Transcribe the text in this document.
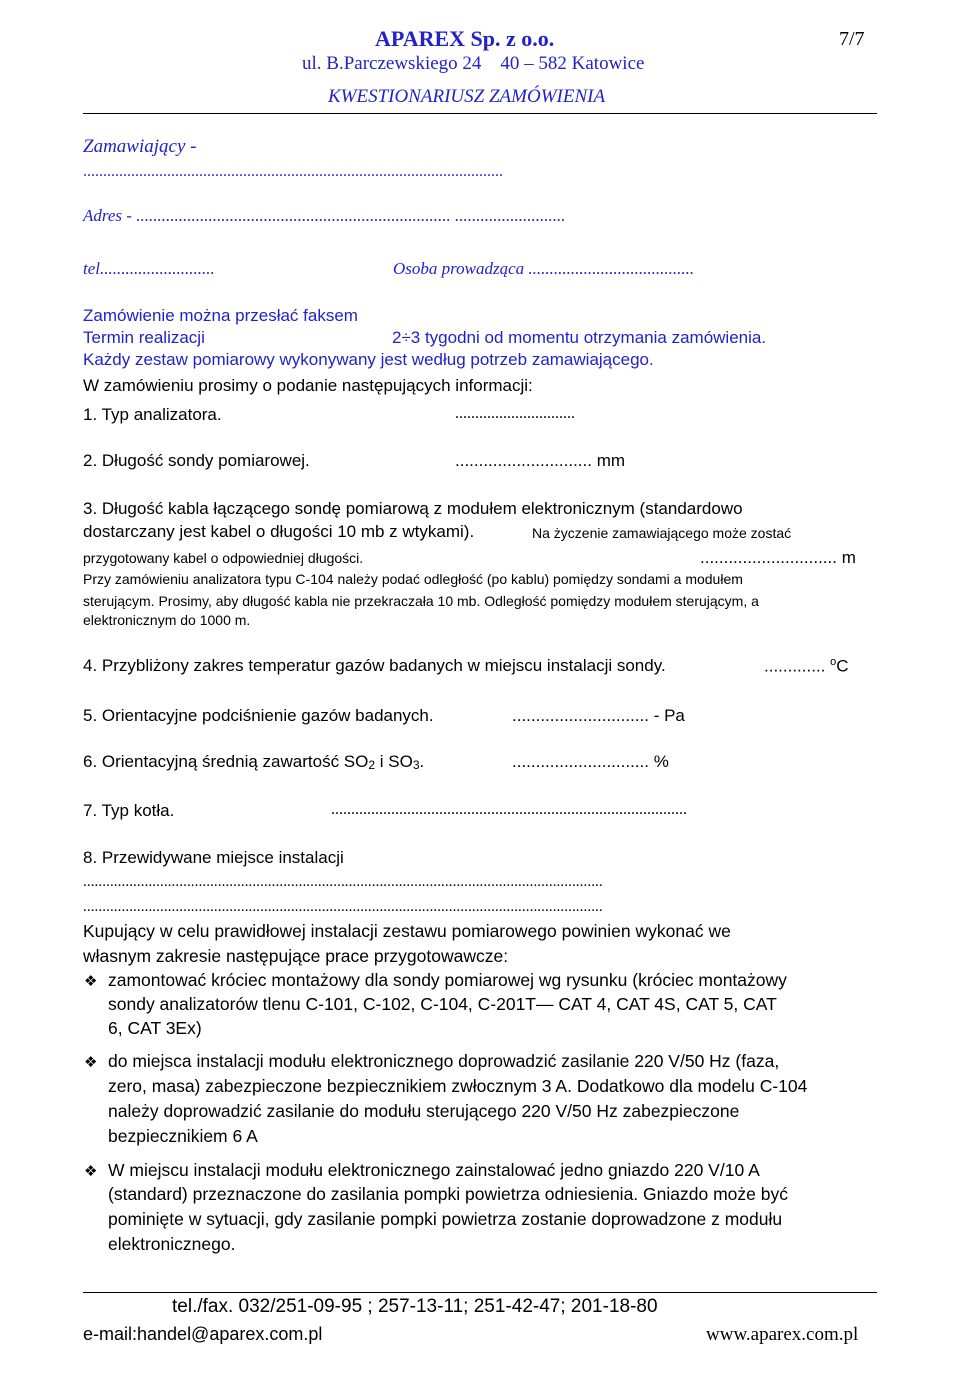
APAREX Sp. z o.o.	7/7
ul. B.Parczewskiego 24    40 – 582 Katowice
KWESTIONARIUSZ ZAMÓWIENIA
Zamawiający -
.........................................................................................................
Adres - .......................................................................... ..........................
tel...........................	Osoba prowadząca .......................................
Zamówienie można przesłać faksem
Termin realizacji	2÷3 tygodni od momentu otrzymania zamówienia.
Każdy zestaw pomiarowy wykonywany jest według potrzeb zamawiającego.
W zamówieniu prosimy o podanie następujących informacji:
1. Typ analizatora.	..............................
2. Długość sondy pomiarowej.	............................. mm
3. Długość kabla łączącego sondę pomiarową z modułem elektronicznym (standardowo
dostarczany jest kabel o długości 10 mb z wtykami).	Na życzenie zamawiającego może zostać
przygotowany kabel o odpowiedniej długości.	............................. m
Przy zamówieniu analizatora typu C-104 należy podać odległość (po kablu) pomiędzy sondami a modułem
sterującym. Prosimy, aby długość kabla nie przekraczała 10 mb. Odległość pomiędzy modułem sterującym, a
elektronicznym do 1000 m.
4. Przybliżony zakres temperatur gazów badanych w miejscu instalacji sondy.	............. $^o$C
5. Orientacyjne podciśnienie gazów badanych.	............................. - Pa
6. Orientacyjną średnią zawartość $SO_2$ i $SO_3$.	............................. %
7. Typ kotła.	.........................................................................................
8. Przewidywane miejsce instalacji
.......................................................................................................................................
.......................................................................................................................................
Kupujący w celu prawidłowej instalacji zestawu pomiarowego powinien wykonać we
własnym zakresie następujące prace przygotowawcze:
❖ zamontować króciec montażowy dla sondy pomiarowej wg rysunku (króciec montażowy
sondy analizatorów tlenu C-101, C-102, C-104, C-201T— CAT 4, CAT 4S, CAT 5, CAT
6, CAT 3Ex)
❖ do miejsca instalacji modułu elektronicznego doprowadzić zasilanie 220 V/50 Hz (faza,
zero, masa) zabezpieczone bezpiecznikiem zwłocznym 3 A. Dodatkowo dla modelu C-104
należy doprowadzić zasilanie do modułu sterującego 220 V/50 Hz zabezpieczone
bezpiecznikiem 6 A
❖ W miejscu instalacji modułu elektronicznego zainstalować jedno gniazdo 220 V/10 A
(standard) przeznaczone do zasilania pompki powietrza odniesienia. Gniazdo może być
pominięte w sytuacji, gdy zasilanie pompki powietrza zostanie doprowadzone z modułu
elektronicznego.
tel./fax. 032/251-09-95 ; 257-13-11; 251-42-47; 201-18-80
e-mail:handel@aparex.com.pl	www.aparex.com.pl
